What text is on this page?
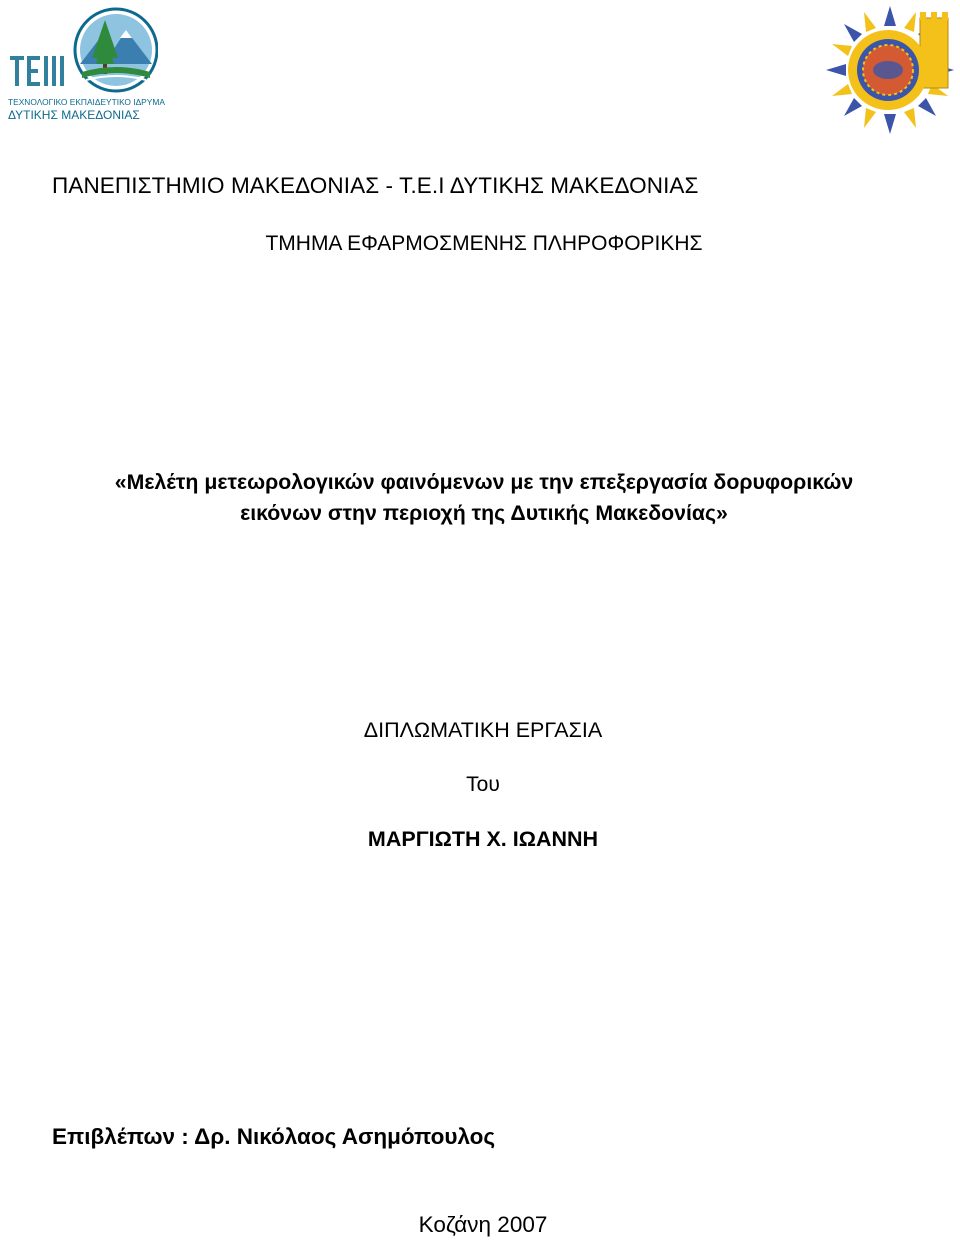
ΤΕΧΝΟΛΟΓΙΚΟ ΕΚΠΑΙΔΕΥΤΙΚΟ ΙΔΡΥΜΑ
ΔΥΤΙΚΗΣ ΜΑΚΕΔΟΝΙΑΣ
ΠΑΝΕΠΙΣΤΗΜΙΟ ΜΑΚΕΔΟΝΙΑΣ - Τ.Ε.Ι ΔΥΤΙΚΗΣ ΜΑΚΕΔΟΝΙΑΣ
ΤΜΗΜΑ ΕΦΑΡΜΟΣΜΕΝΗΣ ΠΛΗΡΟΦΟΡΙΚΗΣ
«Μελέτη μετεωρολογικών φαινόμενων με την επεξεργασία δορυφορικών
εικόνων στην περιοχή της Δυτικής Μακεδονίας»
ΔΙΠΛΩΜΑΤΙΚΗ ΕΡΓΑΣΙΑ
Του
ΜΑΡΓΙΩΤΗ Χ. ΙΩΑΝΝΗ
Επιβλέπων : Δρ. Νικόλαος Ασημόπουλος
Κοζάνη 2007
